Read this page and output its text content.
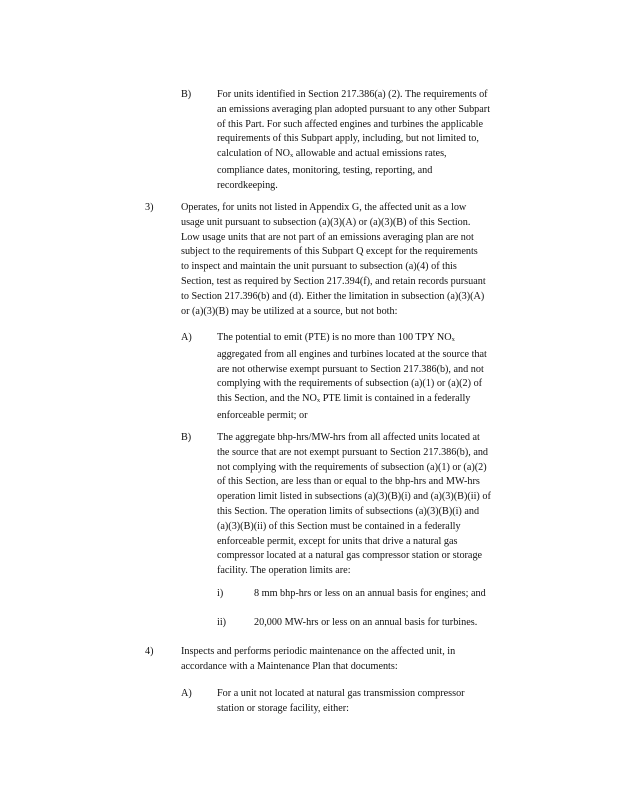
B)	For units identified in Section 217.386(a) (2). The requirements of
an emissions averaging plan adopted pursuant to any other Subpart
of this Part. For such affected engines and turbines the applicable
requirements of this Subpart apply, including, but not limited to,
calculation of $NO_x$ allowable and actual emissions rates,
compliance dates, monitoring, testing, reporting, and
recordkeeping.
3)	Operates, for units not listed in Appendix G, the affected unit as a low
usage unit pursuant to subsection (a)(3)(A) or (a)(3)(B) of this Section.
Low usage units that are not part of an emissions averaging plan are not
subject to the requirements of this Subpart Q except for the requirements
to inspect and maintain the unit pursuant to subsection (a)(4) of this
Section, test as required by Section 217.394(f), and retain records pursuant
to Section 217.396(b) and (d). Either the limitation in subsection (a)(3)(A)
or (a)(3)(B) may be utilized at a source, but not both:
A) The potential to emit (PTE) is no more than 100 TPY $NO_x$
aggregated from all engines and turbines located at the source that
are not otherwise exempt pursuant to Section 217.386(b), and not
complying with the requirements of subsection (a)(1) or (a)(2) of
this Section, and the $NO_x$ PTE limit is contained in a federally
enforceable permit; or
B)	The aggregate bhp-hrs/MW-hrs from all affected units located at
the source that are not exempt pursuant to Section 217.386(b), and
not complying with the requirements of subsection (a)(1) or (a)(2)
of this Section, are less than or equal to the bhp-hrs and MW-hrs
operation limit listed in subsections (a)(3)(B)(i) and (a)(3)(B)(ii) of
this Section. The operation limits of subsections (a)(3)(B)(i) and
(a)(3)(B)(ii) of this Section must be contained in a federally
enforceable permit, except for units that drive a natural gas
compressor located at a natural gas compressor station or storage
facility. The operation limits are:
i)	8 mm bhp-hrs or less on an annual basis for engines; and
ii)	20,000 MW-hrs or less on an annual basis for turbines.
4)	Inspects and performs periodic maintenance on the affected unit, in
accordance with a Maintenance Plan that documents:
A) For a unit not located at natural gas transmission compressor
station or storage facility, either:
